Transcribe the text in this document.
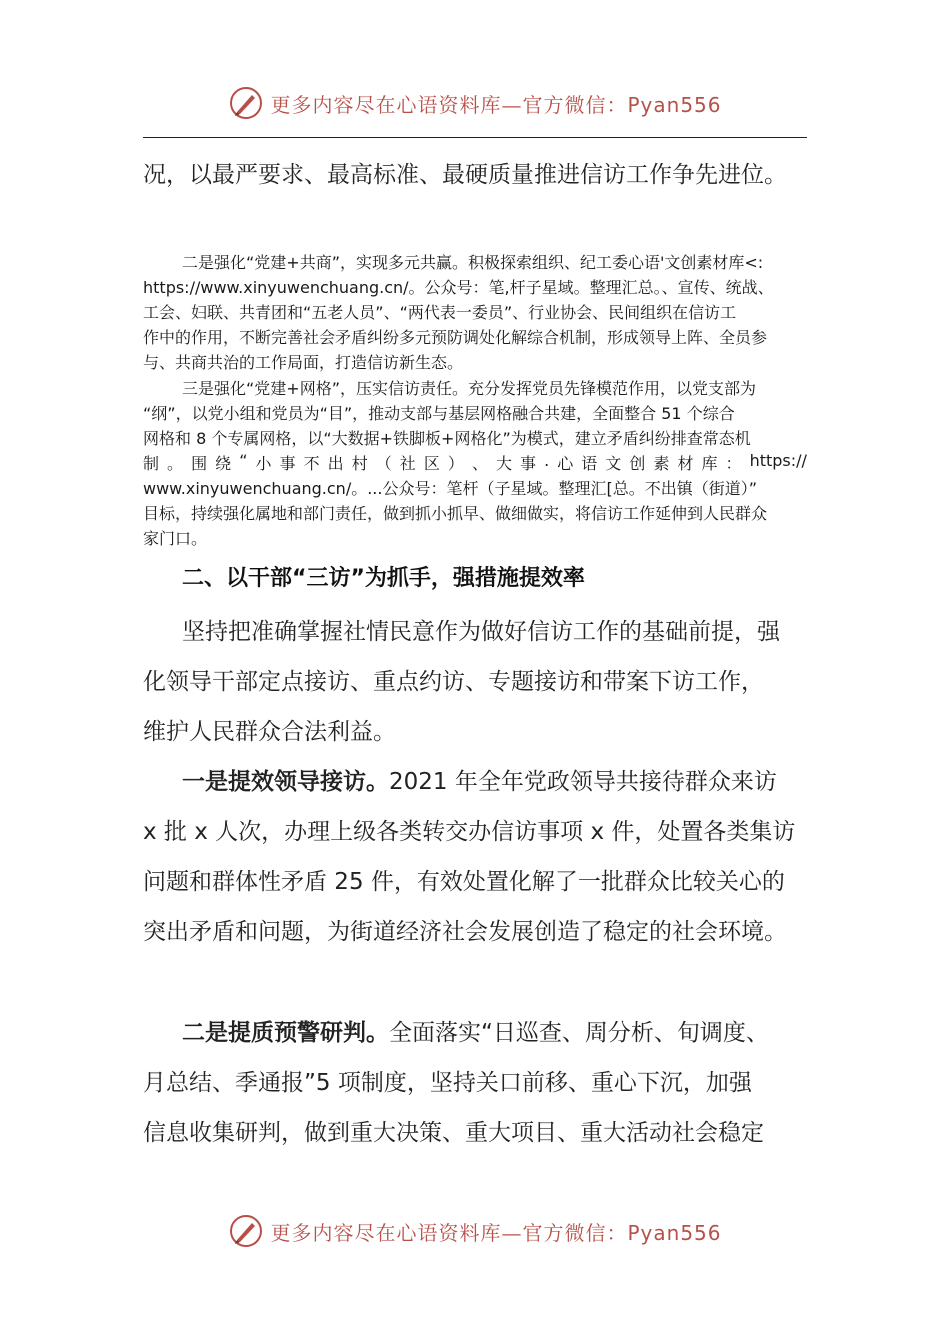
更多内容尽在心语资料库—官方微信：Pyan556
况，以最严要求、最高标准、最硬质量推进信访工作争先进位。
二是强化“党建+共商”，实现多元共赢。积极探索组织、纪工委心语'文创素材库<:
https://www.xinyuwenchuang.cn/。公众号：笔,杆子星域。整理汇总。、宣传、统战、
工会、妇联、共青团和“五老人员”、“两代表一委员”、行业协会、民间组织在信访工
作中的作用，不断完善社会矛盾纠纷多元预防调处化解综合机制，形成领导上阵、全员参
与、共商共治的工作局面，打造信访新生态。
三是强化“党建+网格”，压实信访责任。充分发挥党员先锋模范作用，以党支部为
“纲”，以党小组和党员为“目”，推动支部与基层网格融合共建，全面整合 51 个综合
网格和 8 个专属网格，以“大数据+铁脚板+网格化”为模式，建立矛盾纠纷排查常态机
制 。 围 绕 “ 小 事 不 出 村 （ 社 区 ） 、 大 事 . 心 语 文 创 素 材 库 ： https://
www.xinyuwenchuang.cn/。...公众号：笔杆（子星域。整理汇[总。不出镇（街道）”
目标，持续强化属地和部门责任，做到抓小抓早、做细做实，将信访工作延伸到人民群众
家门口。
二、以干部“三访”为抓手，强措施提效率
坚持把准确掌握社情民意作为做好信访工作的基础前提，强
化领导干部定点接访、重点约访、专题接访和带案下访工作，
维护人民群众合法利益。
一是提效领导接访。2021 年全年党政领导共接待群众来访
x 批 x 人次，办理上级各类转交办信访事项 x 件，处置各类集访
问题和群体性矛盾 25 件，有效处置化解了一批群众比较关心的
突出矛盾和问题，为街道经济社会发展创造了稳定的社会环境。
二是提质预警研判。全面落实“日巡查、周分析、旬调度、
月总结、季通报”5 项制度，坚持关口前移、重心下沉，加强
信息收集研判，做到重大决策、重大项目、重大活动社会稳定
更多内容尽在心语资料库—官方微信：Pyan556
